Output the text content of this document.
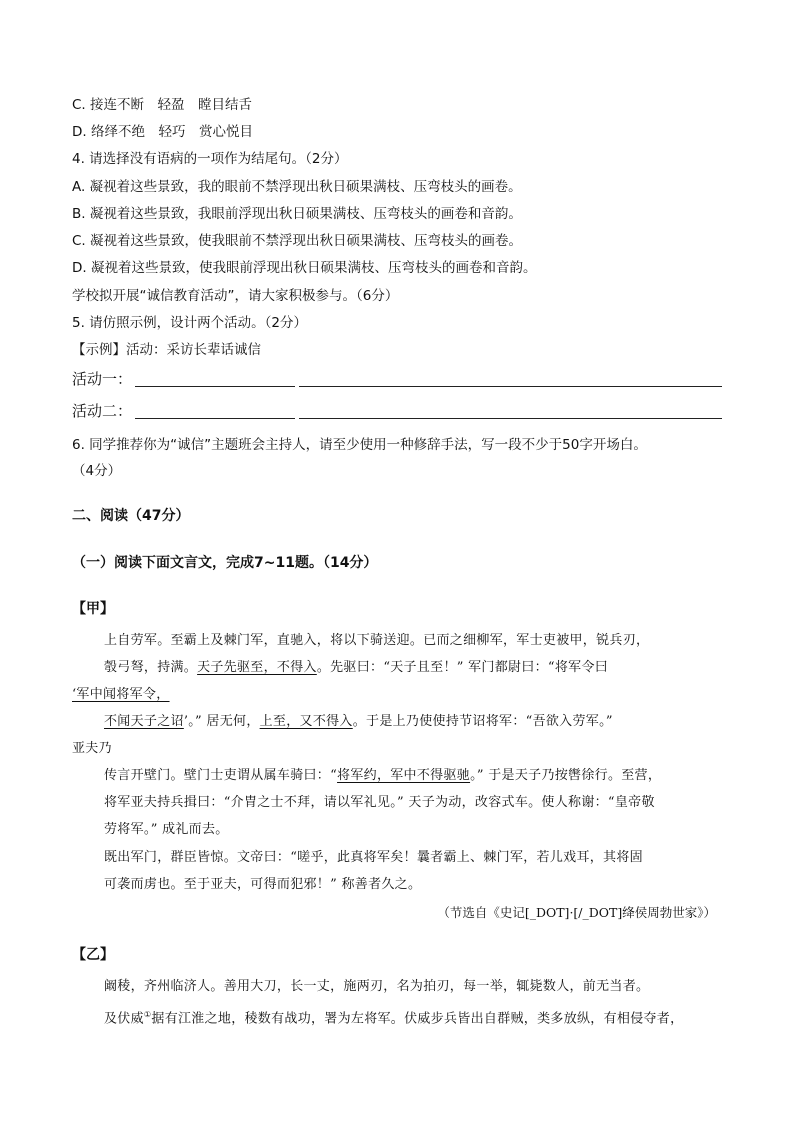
C. 接连不断　轻盈　瞠目结舌
D. 络绎不绝　轻巧　赏心悦目
4. 请选择没有语病的一项作为结尾句。（2分）
A. 凝视着这些景致，我的眼前不禁浮现出秋日硕果满枝、压弯枝头的画卷。
B. 凝视着这些景致，我眼前浮现出秋日硕果满枝、压弯枝头的画卷和音韵。
C. 凝视着这些景致，使我眼前不禁浮现出秋日硕果满枝、压弯枝头的画卷。
D. 凝视着这些景致，使我眼前浮现出秋日硕果满枝、压弯枝头的画卷和音韵。
学校拟开展“诚信教育活动”，请大家积极参与。（6分）
5. 请仿照示例，设计两个活动。（2分）
【示例】活动：采访长辈话诚信
活动一：
活动二：
6. 同学推荐你为“诚信”主题班会主持人，请至少使用一种修辞手法，写一段不少于50字开场白。
（4分）
二、阅读（47分）
（一）阅读下面文言文，完成7~11题。（14分）
【甲】
上自劳军。至霸上及棘门军，直驰入，将以下骑送迎。已而之细柳军，军士吏被甲，锐兵刃，
彀弓弩，持满。天子先驱至，不得入。先驱曰：“天子且至！” 军门都尉曰：“将军令曰
‘军中闻将军令，
不闻天子之诏’。” 居无何，上至，又不得入。于是上乃使使持节诏将军：“吾欲入劳军。”
亚夫乃
传言开壁门。壁门士吏谓从属车骑曰：“将军约，军中不得驱驰。” 于是天子乃按辔徐行。至营，
将军亚夫持兵揖曰：“介胄之士不拜，请以军礼见。” 天子为动，改容式车。使人称谢：“皇帝敬
劳将军。” 成礼而去。
既出军门，群臣皆惊。文帝曰：“嗟乎，此真将军矣！曩者霸上、棘门军，若儿戏耳，其将固
可袭而虏也。至于亚夫，可得而犯邪！” 称善者久之。
（节选自《史记[_DOT]·[/_DOT]绛侯周勃世家》）
【乙】
阚稜，齐州临济人。善用大刀，长一丈，施两刃，名为拍刃，每一举，辄毙数人，前无当者。
及伏威①据有江淮之地，稜数有战功，署为左将军。伏威步兵皆出自群贼，类多放纵，有相侵夺者，
